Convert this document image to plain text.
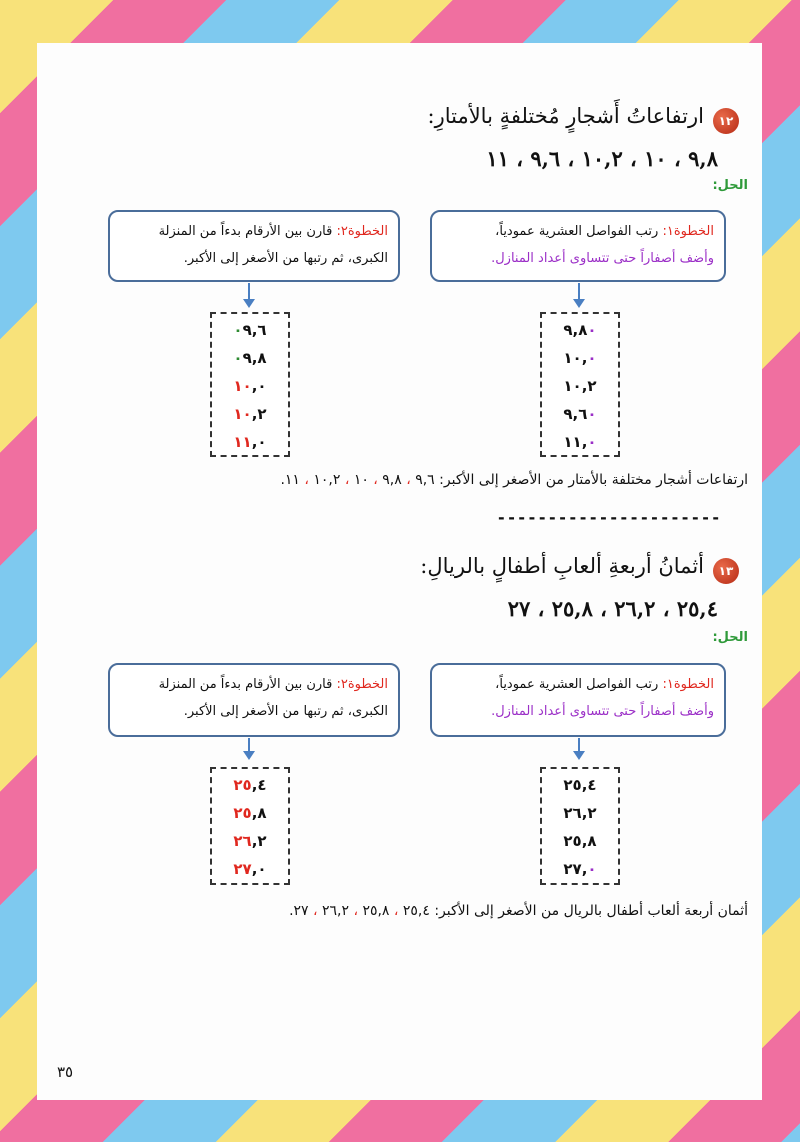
١٢
ارتفاعاتُ أَشجارٍ مُختلفةٍ بالأمتارِ:
٩,٨ ، ١٠ ، ١٠,٢ ، ٩,٦ ، ١١
الحل:
الخطوة١: رتب الفواصل العشرية عمودياً،
وأضف أصفاراً حتى تتساوى أعداد المنازل.
الخطوة٢: قارن بين الأرقام بدءاً من المنزلة
الكبرى، ثم رتبها من الأصغر إلى الأكبر.
٩,٨٠
١٠,٠
١٠,٢
٩,٦٠
١١,٠
٠٩,٦
٠٩,٨
١٠,٠
١٠,٢
١١,٠
ارتفاعات أشجار مختلفة بالأمتار من الأصغر إلى الأكبر: ٩,٦ ، ٩,٨ ، ١٠ ، ١٠,٢ ، ١١.
- - - - - - - - - - - - - - - - - - - - - -
١٣
أثمانُ أربعةِ ألعابِ أطفالٍ بالريالِ:
٢٥,٤ ، ٢٦,٢ ، ٢٥,٨ ، ٢٧
الحل:
الخطوة١: رتب الفواصل العشرية عمودياً،
وأضف أصفاراً حتى تتساوى أعداد المنازل.
الخطوة٢: قارن بين الأرقام بدءاً من المنزلة
الكبرى، ثم رتبها من الأصغر إلى الأكبر.
٢٥,٤
٢٦,٢
٢٥,٨
٢٧,٠
٢٥,٤
٢٥,٨
٢٦,٢
٢٧,٠
أثمان أربعة ألعاب أطفال بالريال من الأصغر إلى الأكبر: ٢٥,٤ ، ٢٥,٨ ، ٢٦,٢ ، ٢٧.
٣٥
